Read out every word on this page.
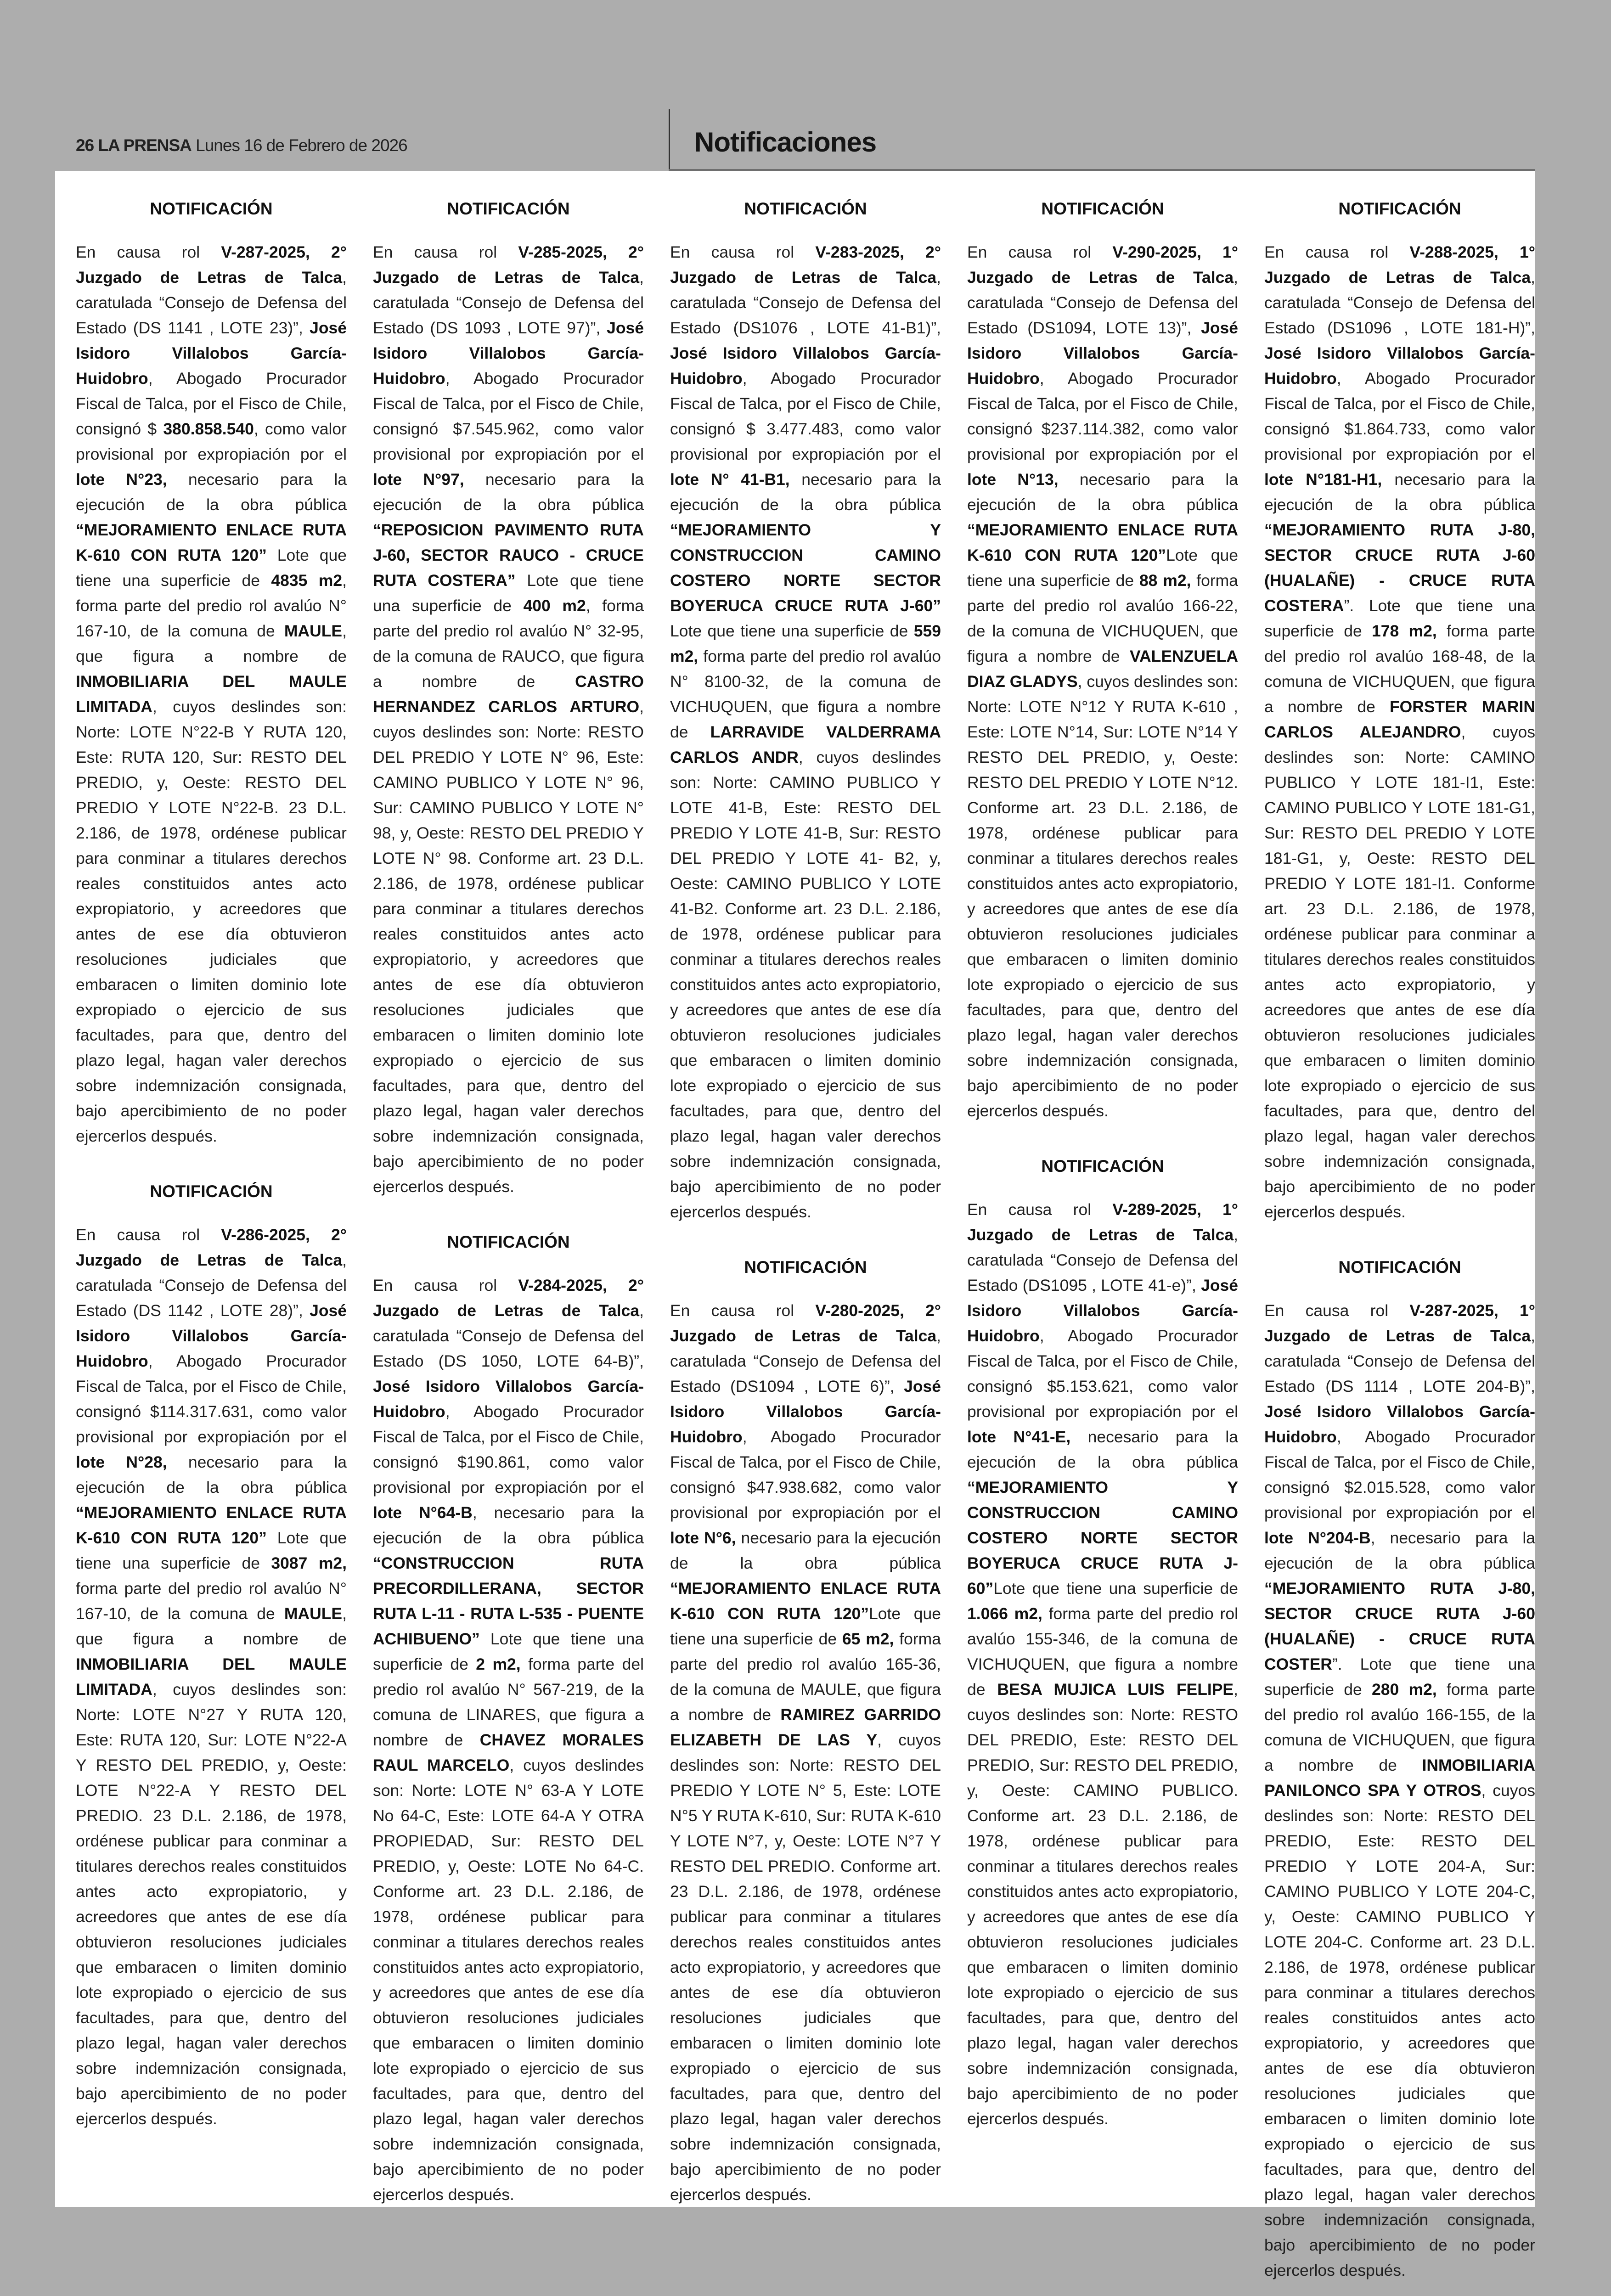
26 LA PRENSA Lunes 16 de Febrero de 2026	Notificaciones
NOTIFICACIÓN

En causa rol V-287-2025, 2° Juzgado de Letras de Talca, caratulada “Consejo de Defensa del Estado (DS 1141 , LOTE 23)”, José Isidoro Villalobos García-Huidobro, Abogado Procurador Fiscal de Talca, por el Fisco de Chile, consignó $ 380.858.540, como valor provisional por expropiación por el lote N°23, necesario para la ejecución de la obra pública “MEJORAMIENTO ENLACE RUTA K-610 CON RUTA 120” Lote que tiene una superficie de 4835 m2, forma parte del predio rol avalúo N° 167-10, de la comuna de MAULE, que figura a nombre de INMOBILIARIA DEL MAULE LIMITADA, cuyos deslindes son: Norte: LOTE N°22-B Y RUTA 120, Este: RUTA 120, Sur: RESTO DEL PREDIO, y, Oeste: RESTO DEL PREDIO Y LOTE N°22-B. 23 D.L. 2.186, de 1978, ordénese publicar para conminar a titulares derechos reales constituidos antes acto expropiatorio, y acreedores que antes de ese día obtuvieron resoluciones judiciales que embaracen o limiten dominio lote expropiado o ejercicio de sus facultades, para que, dentro del plazo legal, hagan valer derechos sobre indemnización consignada, bajo apercibimiento de no poder ejercerlos después.

NOTIFICACIÓN

En causa rol V-286-2025, 2° Juzgado de Letras de Talca, caratulada “Consejo de Defensa del Estado (DS 1142 , LOTE 28)”, José Isidoro Villalobos García-Huidobro, Abogado Procurador Fiscal de Talca, por el Fisco de Chile, consignó $114.317.631, como valor provisional por expropiación por el lote N°28, necesario para la ejecución de la obra pública “MEJORAMIENTO ENLACE RUTA K-610 CON RUTA 120” Lote que tiene una superficie de 3087 m2, forma parte del predio rol avalúo N° 167-10, de la comuna de MAULE, que figura a nombre de INMOBILIARIA DEL MAULE LIMITADA, cuyos deslindes son: Norte: LOTE N°27 Y RUTA 120, Este: RUTA 120, Sur: LOTE N°22-A Y RESTO DEL PREDIO, y, Oeste: LOTE N°22-A Y RESTO DEL PREDIO. 23 D.L. 2.186, de 1978, ordénese publicar para conminar a titulares derechos reales constituidos antes acto expropiatorio, y acreedores que antes de ese día obtuvieron resoluciones judiciales que embaracen o limiten dominio lote expropiado o ejercicio de sus facultades, para que, dentro del plazo legal, hagan valer derechos sobre indemnización consignada, bajo apercibimiento de no poder ejercerlos después.

NOTIFICACIÓN

En causa rol V-285-2025, 2° Juzgado de Letras de Talca, caratulada “Consejo de Defensa del Estado (DS 1093 , LOTE 97)”, José Isidoro Villalobos García-Huidobro, Abogado Procurador Fiscal de Talca, por el Fisco de Chile, consignó $7.545.962, como valor provisional por expropiación por el lote N°97, necesario para la ejecución de la obra pública “REPOSICION PAVIMENTO RUTA J-60, SECTOR RAUCO - CRUCE RUTA COSTERA” Lote que tiene una superficie de 400 m2, forma parte del predio rol avalúo N° 32-95, de la comuna de RAUCO, que figura a nombre de CASTRO HERNANDEZ CARLOS ARTURO, cuyos deslindes son: Norte: RESTO DEL PREDIO Y LOTE N° 96, Este: CAMINO PUBLICO Y LOTE N° 96, Sur: CAMINO PUBLICO Y LOTE N° 98, y, Oeste: RESTO DEL PREDIO Y LOTE N° 98. Conforme art. 23 D.L. 2.186, de 1978, ordénese publicar para conminar a titulares derechos reales constituidos antes acto expropiatorio, y acreedores que antes de ese día obtuvieron resoluciones judiciales que embaracen o limiten dominio lote expropiado o ejercicio de sus facultades, para que, dentro del plazo legal, hagan valer derechos sobre indemnización consignada, bajo apercibimiento de no poder ejercerlos después.

NOTIFICACIÓN

En causa rol V-284-2025, 2° Juzgado de Letras de Talca, caratulada “Consejo de Defensa del Estado (DS 1050, LOTE 64-B)”, José Isidoro Villalobos García-Huidobro, Abogado Procurador Fiscal de Talca, por el Fisco de Chile, consignó $190.861, como valor provisional por expropiación por el lote N°64-B, necesario para la ejecución de la obra pública “CONSTRUCCION RUTA PRECORDILLERANA, SECTOR RUTA L-11 - RUTA L-535 - PUENTE ACHIBUENO” Lote que tiene una superficie de 2 m2, forma parte del predio rol avalúo N° 567-219, de la comuna de LINARES, que figura a nombre de CHAVEZ MORALES RAUL MARCELO, cuyos deslindes son: Norte: LOTE N° 63-A Y LOTE No 64-C, Este: LOTE 64-A Y OTRA PROPIEDAD, Sur: RESTO DEL PREDIO, y, Oeste: LOTE No 64-C. Conforme art. 23 D.L. 2.186, de 1978, ordénese publicar para conminar a titulares derechos reales constituidos antes acto expropiatorio, y acreedores que antes de ese día obtuvieron resoluciones judiciales que embaracen o limiten dominio lote expropiado o ejercicio de sus facultades, para que, dentro del plazo legal, hagan valer derechos sobre indemnización consignada, bajo apercibimiento de no poder ejercerlos después.

NOTIFICACIÓN

En causa rol V-283-2025, 2° Juzgado de Letras de Talca, caratulada “Consejo de Defensa del Estado (DS1076 , LOTE 41-B1)”, José Isidoro Villalobos García-Huidobro, Abogado Procurador Fiscal de Talca, por el Fisco de Chile, consignó $ 3.477.483, como valor provisional por expropiación por el lote N° 41-B1, necesario para la ejecución de la obra pública “MEJORAMIENTO Y CONSTRUCCION CAMINO COSTERO NORTE SECTOR BOYERUCA CRUCE RUTA J-60” Lote que tiene una superficie de 559 m2, forma parte del predio rol avalúo N° 8100-32, de la comuna de VICHUQUEN, que figura a nombre de LARRAVIDE VALDERRAMA CARLOS ANDR, cuyos deslindes son: Norte: CAMINO PUBLICO Y LOTE 41-B, Este: RESTO DEL PREDIO Y LOTE 41-B, Sur: RESTO DEL PREDIO Y LOTE 41- B2, y, Oeste: CAMINO PUBLICO Y LOTE 41-B2. Conforme art. 23 D.L. 2.186, de 1978, ordénese publicar para conminar a titulares derechos reales constituidos antes acto expropiatorio, y acreedores que antes de ese día obtuvieron resoluciones judiciales que embaracen o limiten dominio lote expropiado o ejercicio de sus facultades, para que, dentro del plazo legal, hagan valer derechos sobre indemnización consignada, bajo apercibimiento de no poder ejercerlos después.

NOTIFICACIÓN

En causa rol V-280-2025, 2° Juzgado de Letras de Talca, caratulada “Consejo de Defensa del Estado (DS1094 , LOTE 6)”, José Isidoro Villalobos García-Huidobro, Abogado Procurador Fiscal de Talca, por el Fisco de Chile, consignó $47.938.682, como valor provisional por expropiación por el lote N°6, necesario para la ejecución de la obra pública “MEJORAMIENTO ENLACE RUTA K-610 CON RUTA 120”Lote que tiene una superficie de 65 m2, forma parte del predio rol avalúo 165-36, de la comuna de MAULE, que figura a nombre de RAMIREZ GARRIDO ELIZABETH DE LAS Y, cuyos deslindes son: Norte: RESTO DEL PREDIO Y LOTE N° 5, Este: LOTE N°5 Y RUTA K-610, Sur: RUTA K-610 Y LOTE N°7, y, Oeste: LOTE N°7 Y RESTO DEL PREDIO. Conforme art. 23 D.L. 2.186, de 1978, ordénese publicar para conminar a titulares derechos reales constituidos antes acto expropiatorio, y acreedores que antes de ese día obtuvieron resoluciones judiciales que embaracen o limiten dominio lote expropiado o ejercicio de sus facultades, para que, dentro del plazo legal, hagan valer derechos sobre indemnización consignada, bajo apercibimiento de no poder ejercerlos después.

NOTIFICACIÓN

En causa rol V-290-2025, 1° Juzgado de Letras de Talca, caratulada “Consejo de Defensa del Estado (DS1094, LOTE 13)”, José Isidoro Villalobos García-Huidobro, Abogado Procurador Fiscal de Talca, por el Fisco de Chile, consignó $237.114.382, como valor provisional por expropiación por el lote N°13, necesario para la ejecución de la obra pública “MEJORAMIENTO ENLACE RUTA K-610 CON RUTA 120”Lote que tiene una superficie de 88 m2, forma parte del predio rol avalúo 166-22, de la comuna de VICHUQUEN, que figura a nombre de VALENZUELA DIAZ GLADYS, cuyos deslindes son: Norte: LOTE N°12 Y RUTA K-610 , Este: LOTE N°14, Sur: LOTE N°14 Y RESTO DEL PREDIO, y, Oeste: RESTO DEL PREDIO Y LOTE N°12. Conforme art. 23 D.L. 2.186, de 1978, ordénese publicar para conminar a titulares derechos reales constituidos antes acto expropiatorio, y acreedores que antes de ese día obtuvieron resoluciones judiciales que embaracen o limiten dominio lote expropiado o ejercicio de sus facultades, para que, dentro del plazo legal, hagan valer derechos sobre indemnización consignada, bajo apercibimiento de no poder ejercerlos después.

NOTIFICACIÓN

En causa rol V-289-2025, 1° Juzgado de Letras de Talca, caratulada “Consejo de Defensa del Estado (DS1095 , LOTE 41-e)”, José Isidoro Villalobos García-Huidobro, Abogado Procurador Fiscal de Talca, por el Fisco de Chile, consignó $5.153.621, como valor provisional por expropiación por el lote N°41-E, necesario para la ejecución de la obra pública “MEJORAMIENTO Y CONSTRUCCION CAMINO COSTERO NORTE SECTOR BOYERUCA CRUCE RUTA J-60”Lote que tiene una superficie de 1.066 m2, forma parte del predio rol avalúo 155-346, de la comuna de VICHUQUEN, que figura a nombre de BESA MUJICA LUIS FELIPE, cuyos deslindes son: Norte: RESTO DEL PREDIO, Este: RESTO DEL PREDIO, Sur: RESTO DEL PREDIO, y, Oeste: CAMINO PUBLICO. Conforme art. 23 D.L. 2.186, de 1978, ordénese publicar para conminar a titulares derechos reales constituidos antes acto expropiatorio, y acreedores que antes de ese día obtuvieron resoluciones judiciales que embaracen o limiten dominio lote expropiado o ejercicio de sus facultades, para que, dentro del plazo legal, hagan valer derechos sobre indemnización consignada, bajo apercibimiento de no poder ejercerlos después.

NOTIFICACIÓN

En causa rol V-288-2025, 1° Juzgado de Letras de Talca, caratulada “Consejo de Defensa del Estado (DS1096 , LOTE 181-H)”, José Isidoro Villalobos García-Huidobro, Abogado Procurador Fiscal de Talca, por el Fisco de Chile, consignó $1.864.733, como valor provisional por expropiación por el lote N°181-H1, necesario para la ejecución de la obra pública “MEJORAMIENTO RUTA J-80, SECTOR CRUCE RUTA J-60 (HUALAÑE) - CRUCE RUTA COSTERA”. Lote que tiene una superficie de 178 m2, forma parte del predio rol avalúo 168-48, de la comuna de VICHUQUEN, que figura a nombre de FORSTER MARIN CARLOS ALEJANDRO, cuyos deslindes son: Norte: CAMINO PUBLICO Y LOTE 181-I1, Este: CAMINO PUBLICO Y LOTE 181-G1, Sur: RESTO DEL PREDIO Y LOTE 181-G1, y, Oeste: RESTO DEL PREDIO Y LOTE 181-I1. Conforme art. 23 D.L. 2.186, de 1978, ordénese publicar para conminar a titulares derechos reales constituidos antes acto expropiatorio, y acreedores que antes de ese día obtuvieron resoluciones judiciales que embaracen o limiten dominio lote expropiado o ejercicio de sus facultades, para que, dentro del plazo legal, hagan valer derechos sobre indemnización consignada, bajo apercibimiento de no poder ejercerlos después.

NOTIFICACIÓN

En causa rol V-287-2025, 1° Juzgado de Letras de Talca, caratulada “Consejo de Defensa del Estado (DS 1114 , LOTE 204-B)”, José Isidoro Villalobos García-Huidobro, Abogado Procurador Fiscal de Talca, por el Fisco de Chile, consignó $2.015.528, como valor provisional por expropiación por el lote N°204-B, necesario para la ejecución de la obra pública “MEJORAMIENTO RUTA J-80, SECTOR CRUCE RUTA J-60 (HUALAÑE) - CRUCE RUTA COSTER”. Lote que tiene una superficie de 280 m2, forma parte del predio rol avalúo 166-155, de la comuna de VICHUQUEN, que figura a nombre de INMOBILIARIA PANILONCO SPA Y OTROS, cuyos deslindes son: Norte: RESTO DEL PREDIO, Este: RESTO DEL PREDIO Y LOTE 204-A, Sur: CAMINO PUBLICO Y LOTE 204-C, y, Oeste: CAMINO PUBLICO Y LOTE 204-C. Conforme art. 23 D.L. 2.186, de 1978, ordénese publicar para conminar a titulares derechos reales constituidos antes acto expropiatorio, y acreedores que antes de ese día obtuvieron resoluciones judiciales que embaracen o limiten dominio lote expropiado o ejercicio de sus facultades, para que, dentro del plazo legal, hagan valer derechos sobre indemnización consignada, bajo apercibimiento de no poder ejercerlos después.
